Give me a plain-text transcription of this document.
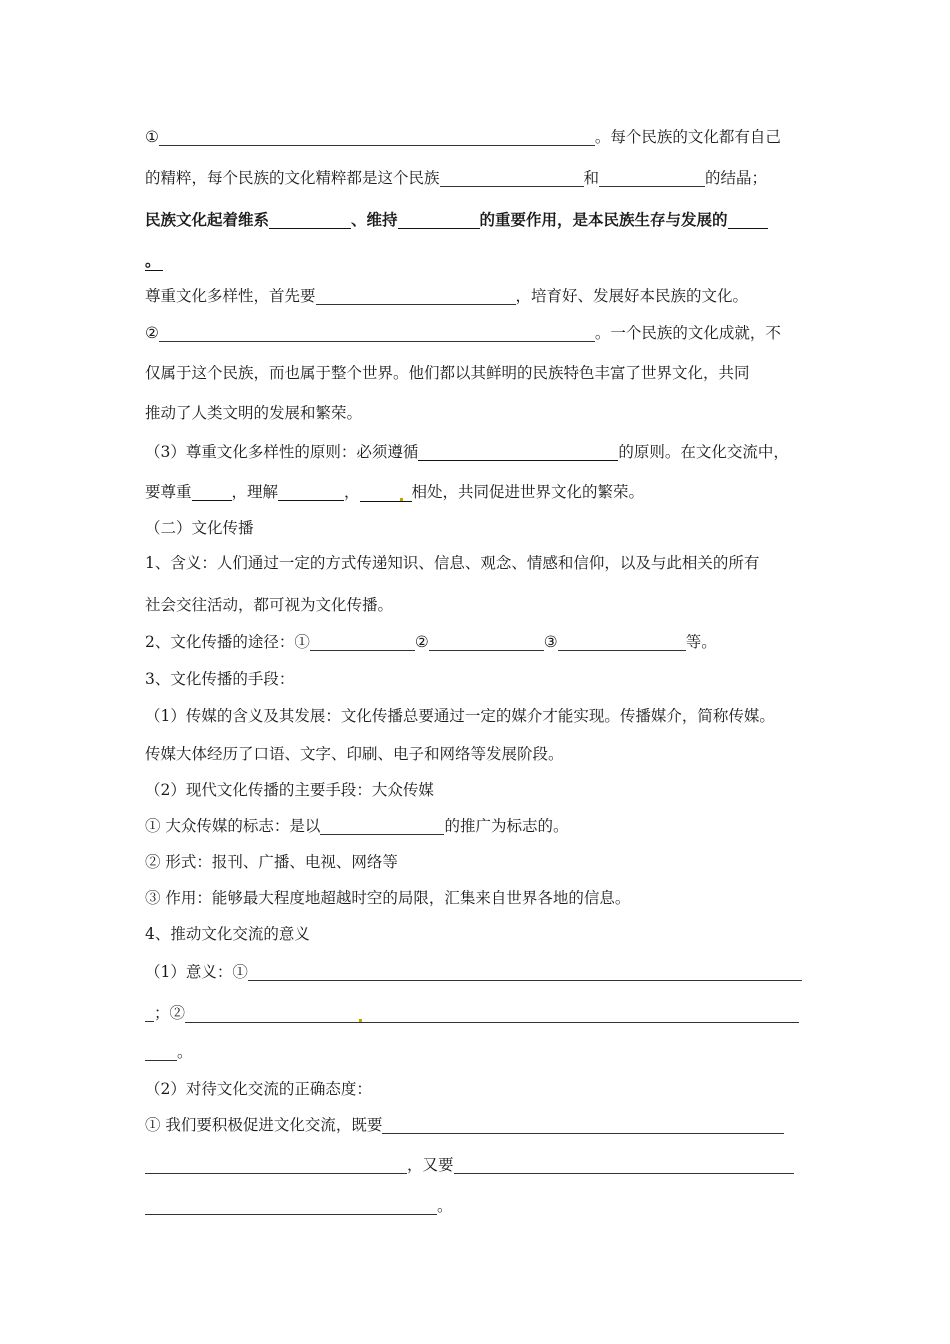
①	。每个民族的文化都有自己
的精粹，每个民族的文化精粹都是这个民族	和	的结晶；
民族文化起着维系	、维持	的重要作用，是本民族生存与发展的
。
尊重文化多样性，首先要	，培育好、发展好本民族的文化。
②	。一个民族的文化成就，不
仅属于这个民族，而也属于整个世界。他们都以其鲜明的民族特色丰富了世界文化，共同
推动了人类文明的发展和繁荣。
（3）尊重文化多样性的原则：必须遵循	的原则。在文化交流中，
要尊重	，理解	，	相处，共同促进世界文化的繁荣。
（二）文化传播
1、含义：人们通过一定的方式传递知识、信息、观念、情感和信仰，以及与此相关的所有
社会交往活动，都可视为文化传播。
2、文化传播的途径：①	②	③	等。
3、文化传播的手段：
（1）传媒的含义及其发展：文化传播总要通过一定的媒介才能实现。传播媒介，简称传媒。
传媒大体经历了口语、文字、印刷、电子和网络等发展阶段。
（2）现代文化传播的主要手段：大众传媒
① 大众传媒的标志：是以	的推广为标志的。
② 形式：报刊、广播、电视、网络等
③ 作用：能够最大程度地超越时空的局限，汇集来自世界各地的信息。
4、推动文化交流的意义
（1）意义：①
；②
。
（2）对待文化交流的正确态度：
① 我们要积极促进文化交流，既要
，又要
。
